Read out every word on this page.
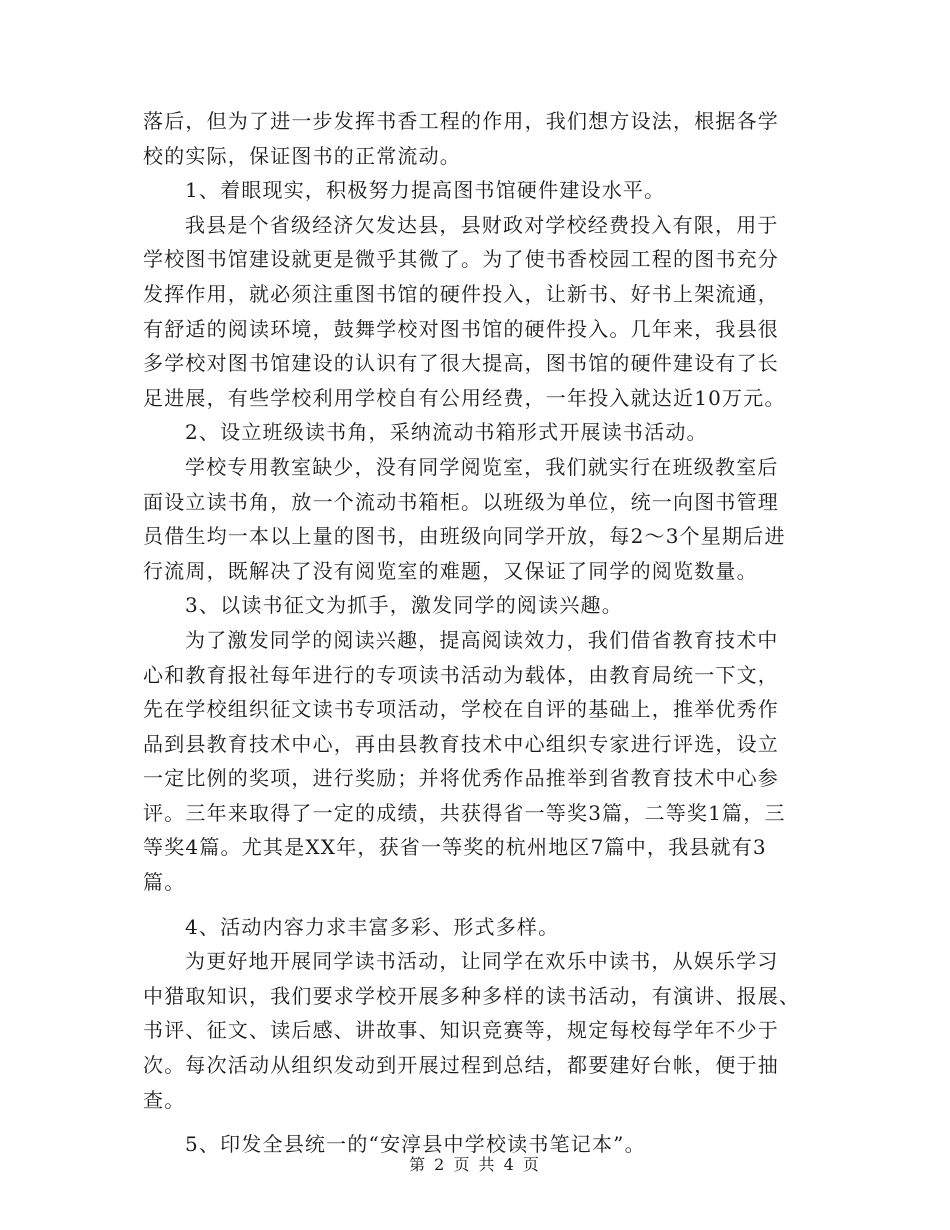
落后，但为了进一步发挥书香工程的作用，我们想方设法，根据各学
校的实际，保证图书的正常流动。
1、着眼现实，积极努力提高图书馆硬件建设水平。
我县是个省级经济欠发达县，县财政对学校经费投入有限，用于
学校图书馆建设就更是微乎其微了。为了使书香校园工程的图书充分
发挥作用，就必须注重图书馆的硬件投入，让新书、好书上架流通，
有舒适的阅读环境，鼓舞学校对图书馆的硬件投入。几年来，我县很
多学校对图书馆建设的认识有了很大提高，图书馆的硬件建设有了长
足进展，有些学校利用学校自有公用经费，一年投入就达近10万元。
2、设立班级读书角，采纳流动书箱形式开展读书活动。
学校专用教室缺少，没有同学阅览室，我们就实行在班级教室后
面设立读书角，放一个流动书箱柜。以班级为单位，统一向图书管理
员借生均一本以上量的图书，由班级向同学开放，每2～3个星期后进
行流周，既解决了没有阅览室的难题，又保证了同学的阅览数量。
3、以读书征文为抓手，激发同学的阅读兴趣。
为了激发同学的阅读兴趣，提高阅读效力，我们借省教育技术中
心和教育报社每年进行的专项读书活动为载体，由教育局统一下文，
先在学校组织征文读书专项活动，学校在自评的基础上，推举优秀作
品到县教育技术中心，再由县教育技术中心组织专家进行评选，设立
一定比例的奖项，进行奖励；并将优秀作品推举到省教育技术中心参
评。三年来取得了一定的成绩，共获得省一等奖3篇，二等奖1篇，三
等奖4篇。尤其是XX年，获省一等奖的杭州地区7篇中，我县就有3
篇。
4、活动内容力求丰富多彩、形式多样。
为更好地开展同学读书活动，让同学在欢乐中读书，从娱乐学习
中猎取知识，我们要求学校开展多种多样的读书活动，有演讲、报展、
书评、征文、读后感、讲故事、知识竞赛等，规定每校每学年不少于
次。每次活动从组织发动到开展过程到总结，都要建好台帐，便于抽
查。
5、印发全县统一的“安淳县中学校读书笔记本”。
第 2 页 共 4 页
